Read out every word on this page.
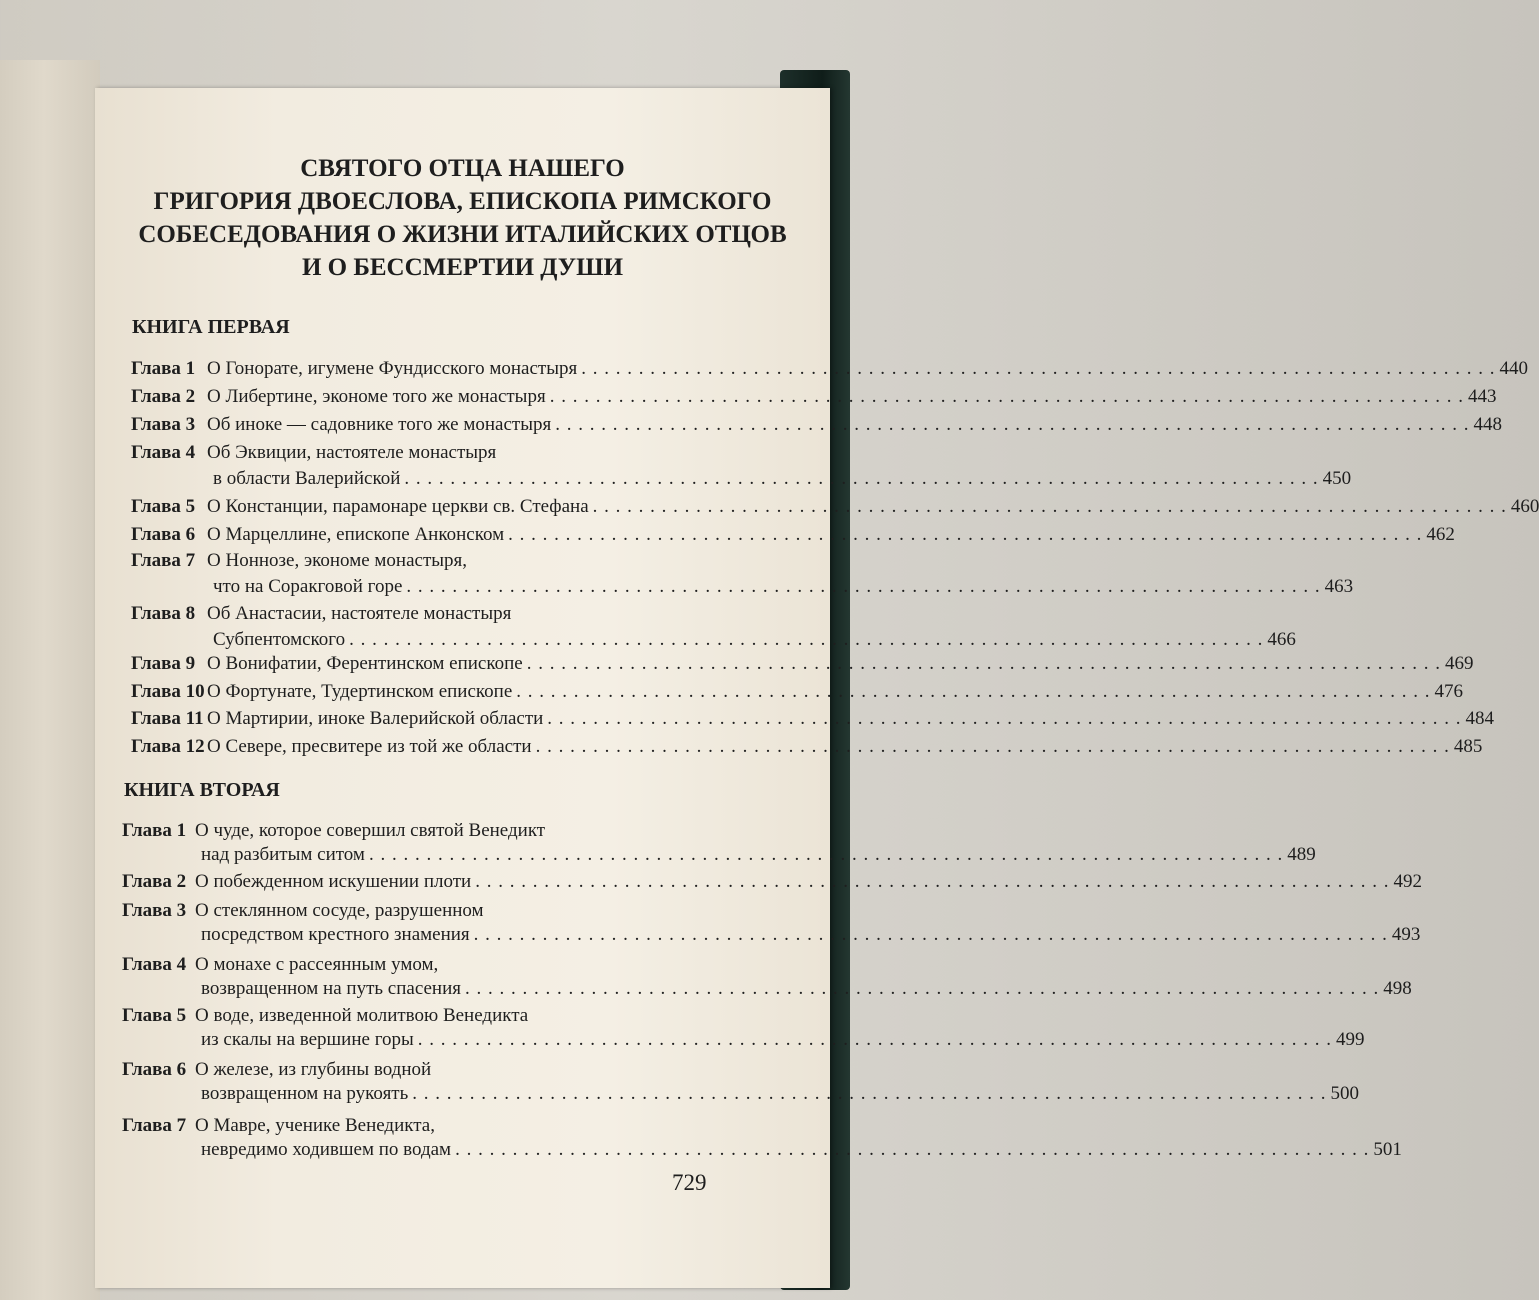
СВЯТОГО ОТЦА НАШЕГО
ГРИГОРИЯ ДВОЕСЛОВА, ЕПИСКОПА РИМСКОГО
СОБЕСЕДОВАНИЯ О ЖИЗНИ ИТАЛИЙСКИХ ОТЦОВ
И О БЕССМЕРТИИ ДУШИ
КНИГА ПЕРВАЯ
КНИГА ВТОРАЯ
Глава 1 О Гонорате, игумене Фундисского монастыря . . . . . . . . . . . . . . . . . . . . . . . . . . . . . . . . . . . . . . . . . . . . . . . . . . . . . . . . . . . . . . . . . . . . . . . . . . . . . . . . 440
Глава 2 О Либертине, экономе того же монастыря . . . . . . . . . . . . . . . . . . . . . . . . . . . . . . . . . . . . . . . . . . . . . . . . . . . . . . . . . . . . . . . . . . . . . . . . . . . . . . . . 443
Глава 3 Об иноке — садовнике того же монастыря . . . . . . . . . . . . . . . . . . . . . . . . . . . . . . . . . . . . . . . . . . . . . . . . . . . . . . . . . . . . . . . . . . . . . . . . . . . . . . . . 448
Глава 4 Об Эквиции, настоятеле монастыря
в области Валерийской . . . . . . . . . . . . . . . . . . . . . . . . . . . . . . . . . . . . . . . . . . . . . . . . . . . . . . . . . . . . . . . . . . . . . . . . . . . . . . . . 450
Глава 5 О Констанции, парамонаре церкви св. Стефана . . . . . . . . . . . . . . . . . . . . . . . . . . . . . . . . . . . . . . . . . . . . . . . . . . . . . . . . . . . . . . . . . . . . . . . . . . . . . . . . 460
Глава 6 О Марцеллине, епископе Анконском . . . . . . . . . . . . . . . . . . . . . . . . . . . . . . . . . . . . . . . . . . . . . . . . . . . . . . . . . . . . . . . . . . . . . . . . . . . . . . . . 462
Глава 7 О Ноннозе, экономе монастыря,
что на Соракговой горе . . . . . . . . . . . . . . . . . . . . . . . . . . . . . . . . . . . . . . . . . . . . . . . . . . . . . . . . . . . . . . . . . . . . . . . . . . . . . . . . 463
Глава 8 Об Анастасии, настоятеле монастыря
Субпентомского . . . . . . . . . . . . . . . . . . . . . . . . . . . . . . . . . . . . . . . . . . . . . . . . . . . . . . . . . . . . . . . . . . . . . . . . . . . . . . . . 466
Глава 9 О Вонифатии, Ферентинском епископе . . . . . . . . . . . . . . . . . . . . . . . . . . . . . . . . . . . . . . . . . . . . . . . . . . . . . . . . . . . . . . . . . . . . . . . . . . . . . . . . 469
Глава 10 О Фортунате, Тудертинском епископе . . . . . . . . . . . . . . . . . . . . . . . . . . . . . . . . . . . . . . . . . . . . . . . . . . . . . . . . . . . . . . . . . . . . . . . . . . . . . . . . 476
Глава 11 О Мартирии, иноке Валерийской области . . . . . . . . . . . . . . . . . . . . . . . . . . . . . . . . . . . . . . . . . . . . . . . . . . . . . . . . . . . . . . . . . . . . . . . . . . . . . . . . 484
Глава 12 О Севере, пресвитере из той же области . . . . . . . . . . . . . . . . . . . . . . . . . . . . . . . . . . . . . . . . . . . . . . . . . . . . . . . . . . . . . . . . . . . . . . . . . . . . . . . . 485
Глава 1 О чуде, которое совершил святой Венедикт
над разбитым ситом . . . . . . . . . . . . . . . . . . . . . . . . . . . . . . . . . . . . . . . . . . . . . . . . . . . . . . . . . . . . . . . . . . . . . . . . . . . . . . . . 489
Глава 2 О побежденном искушении плоти . . . . . . . . . . . . . . . . . . . . . . . . . . . . . . . . . . . . . . . . . . . . . . . . . . . . . . . . . . . . . . . . . . . . . . . . . . . . . . . . 492
Глава 3 О стеклянном сосуде, разрушенном
посредством крестного знамения . . . . . . . . . . . . . . . . . . . . . . . . . . . . . . . . . . . . . . . . . . . . . . . . . . . . . . . . . . . . . . . . . . . . . . . . . . . . . . . . 493
Глава 4 О монахе с рассеянным умом,
возвращенном на путь спасения . . . . . . . . . . . . . . . . . . . . . . . . . . . . . . . . . . . . . . . . . . . . . . . . . . . . . . . . . . . . . . . . . . . . . . . . . . . . . . . . 498
Глава 5 О воде, изведенной молитвою Венедикта
из скалы на вершине горы . . . . . . . . . . . . . . . . . . . . . . . . . . . . . . . . . . . . . . . . . . . . . . . . . . . . . . . . . . . . . . . . . . . . . . . . . . . . . . . . 499
Глава 6 О железе, из глубины водной
возвращенном на рукоять . . . . . . . . . . . . . . . . . . . . . . . . . . . . . . . . . . . . . . . . . . . . . . . . . . . . . . . . . . . . . . . . . . . . . . . . . . . . . . . . 500
Глава 7 О Мавре, ученике Венедикта,
невредимо ходившем по водам . . . . . . . . . . . . . . . . . . . . . . . . . . . . . . . . . . . . . . . . . . . . . . . . . . . . . . . . . . . . . . . . . . . . . . . . . . . . . . . . 501
729
